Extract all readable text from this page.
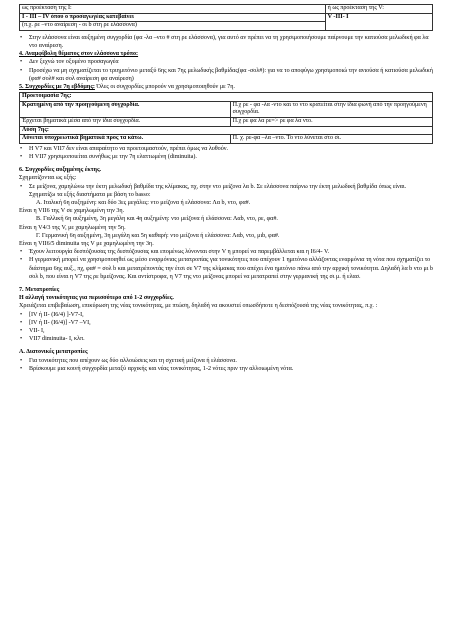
ως προέκταση της Ι:	ή ως προέκταση της V:
Ι - ΙΙΙ – IV όπου ο προσαγωγέας κατεβαίνει	V -ΙΙΙ- Ι
(π.χ. ρε –ντο αναίρεση - οι b στη ρε ελάσσονα)	
• Στην ελάσσονα είναι αυξημένη συγχορδία (φα -λα –ντο # στη ρε ελάσσονα), για αυτό αν πρέπει να τη χρησιμοποιήσουμε παίρνουμε την κατιούσα μελωδική φα λα ντο αναίρεση.

4. Αναμφίβολη θέματος στον ελάσσονα τρόπο:

• Δεν ξεχνώ τον οξυμένο προσαγωγέα
• Προσέχω να μη σχηματίζεται το τριημιτόνιο μεταξύ 6ης και 7ης μελωδικής βαθμίδας(φα -σολ#): για να το αποφύγω χρησιμοποιώ την ανιούσα ή κατιούσα μελωδική (φα# σολ# και σολ αναίρεση φα αναίρεση)

5. Συγχορδίες με 7η εβδόμης: Όλες οι συγχορδίες μπορούν να χρησιμοποιηθούν με 7η.

Προετοιμασία 7ης:	
Κρατημένη από την προηγούμενη συγχορδία.	Π.χ ρε - φα -λα -ντο και το ντο κρατείται στην ίδια φωνή από την προηγούμενη συγχορδία.
Έρχεται βηματικά μέσα από την ίδια συγχορδία.	Π.χ ρε φα λα ρε=> ρε φα λα ντο.
Λύση 7ης:	
Λύνεται υποχρεωτικά βηματικά προς τα κάτω.	Π. χ. ρε-φα –λα –ντο. Το ντο λύνεται στο σι.
• Η V7 και VII7 δεν είναι απαραίτητο να προετοιμαστούν, πρέπει όμως να λυθούν.
• Η VII7 χρησιμοποιείται συνήθως με την 7η ελαττωμένη (diminuita).

6. Συγχορδίες αυξημένης έκτης.

Σχηματίζονται ως εξής:

• Σε μείζονα, χαμηλώνω την έκτη μελωδική βαθμίδα της κλίμακας, πχ, στην ντο μείζονα λα b. Σε ελάσσονα παίρνω την έκτη μελωδική βαθμίδα όπως είναι. Σχηματίζω τα εξής διαστήματα με βάση το basso:

Α. Ιταλική 6η αυξημένη: και δύο 3ες μεγάλες: ντο μείζονα ή ελάσσονα: Λα b, ντο, φα#.

Είναι η VII6 της V σε χαμηλωμένη την 3η.

Β. Γαλλική 6η αυξημένη, 3η μεγάλη και 4η αυξημένη: ντο μείζονα ή ελάσσονα: Λαb, ντο, ρε, φα#.

Είναι η V4/3 της V, με χαμηλωμένη την 5η.

Γ. Γερμανική 6η αυξημένη, 3η μεγάλη και 5η καθαρή: ντο μείζονα ή ελάσσονα: Λαb, ντο, μιb, φα#.

Είναι η VII6/5 diminuita της V με χαμηλωμένη την 3η.

• Έχουν λειτουργία δεσπόζουσας της δεσπόζουσας και επομένως λύνονται στην V η μπορεί να παρεμβάλλεται και η Ι6/4- V.
• Η γερμανική μπορεί να χρησιμοποιηθεί ως μέσο εναρμόνιας μετατροπίας για τονικότητες που απέχουν 1 ημιτόνιο αλλάζοντας εναρμόνια τη νότα που σχηματίζει το διάστημα 6ης αυξ., πχ, φα# = σολ b και μετατρέποντάς την έτσι σε V7 της κλίμακας που απέχει ένα ημιτόνιο πάνω από την αρχική τονικότητα. Δηλαδή λα b ντο μι b σολ b, που είναι η V7 της ρε bμείζονας. Και αντίστροφα, η V7 της ντο μείζονας μπορεί να μετατραπεί στην γερμανική της σι μ. ή ελασ.

7. Μετατροπίες

Η αλλαγή τονικότητας για περισσότερο από 1-2 συγχορδίες.

Χρειάζεται επιβεβαίωση, επικύρωση της νέας τονικότητας, με πτώση, δηλαδή να ακουστεί οπωσδήποτε η δεσπόζουσά της νέας τονικότητας, π.χ. :

• [IV ή II- (I6/4) ]-V7-I,
• [IV ή II- (I6/4)] -V7 –VI,
• VII- I,
• VII7 diminuita- I, κλπ.

Α. Διατονικές μετατροπίες

• Για τονικότητες που απέχουν ως δύο αλλοιώσεις και τη σχετική μείζονα ή ελάσσονα.
• Βρίσκουμε μια κοινή συγχορδία μεταξύ αρχικής και νέας τονικότητας, 1-2 νότες πριν την αλλοιωμένη νότα.
